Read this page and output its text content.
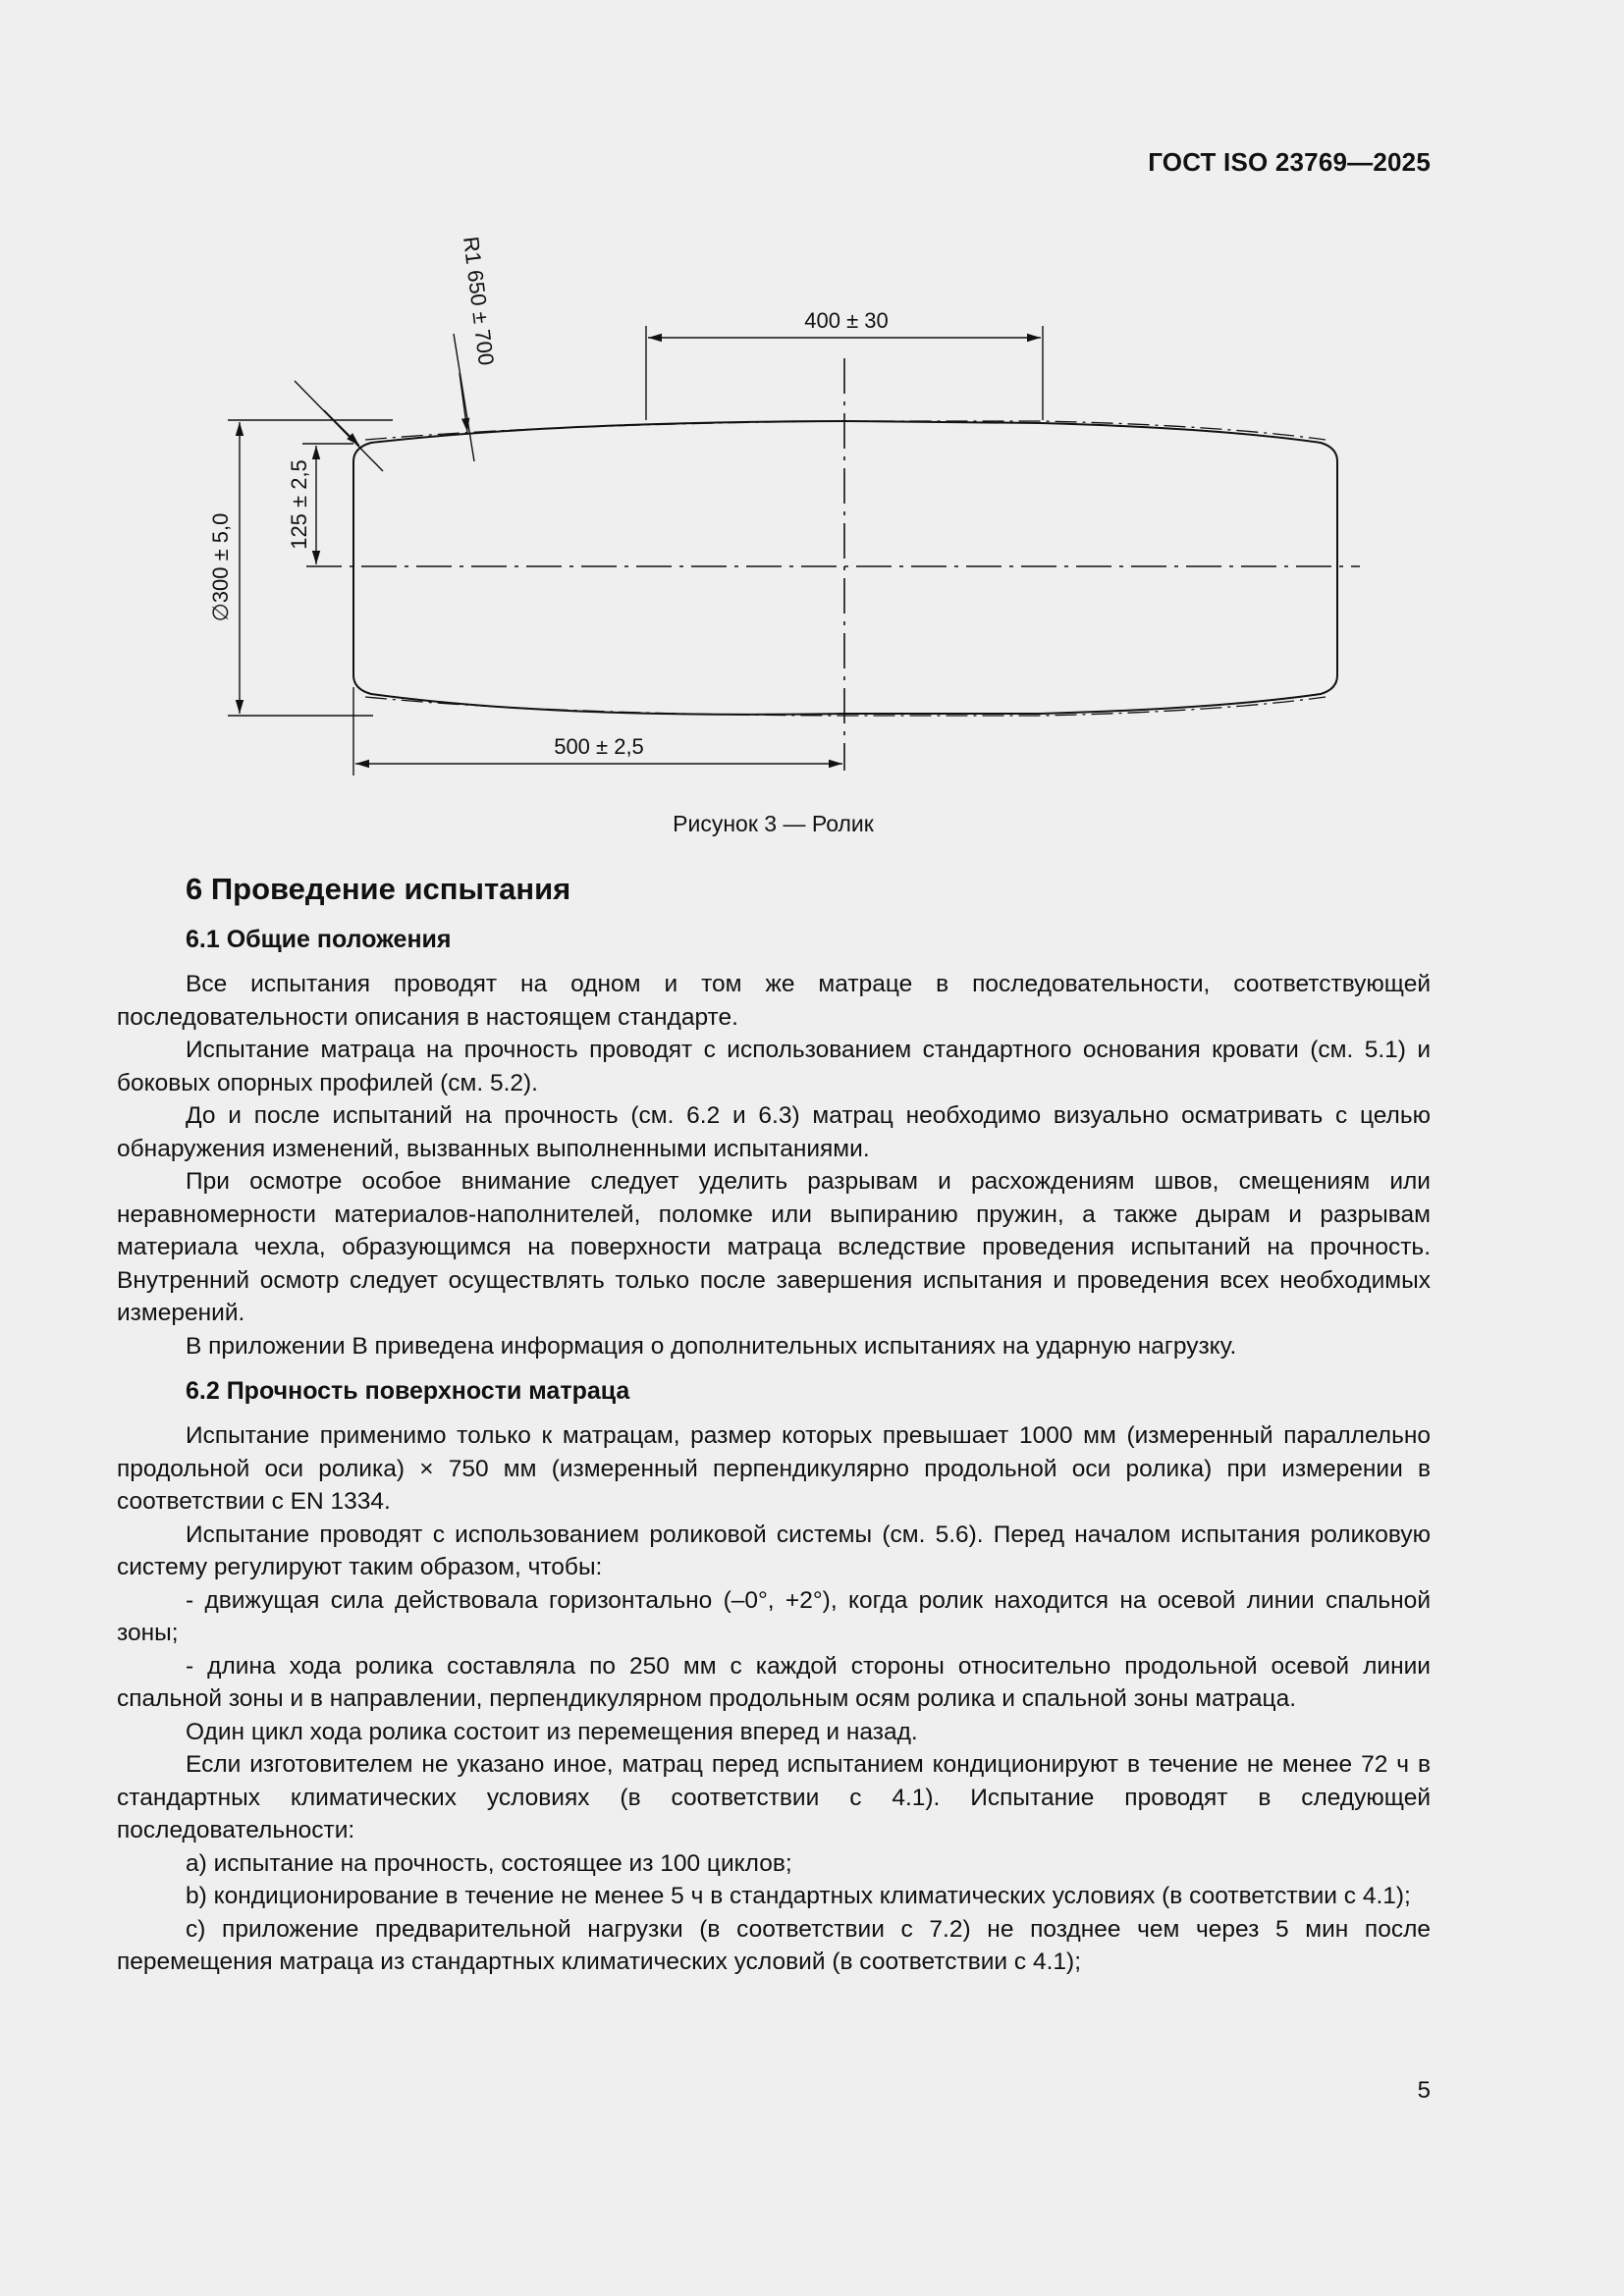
ГОСТ ISO 23769—2025
400 ± 30
500 ± 2,5
∅300 ± 5,0
125 ± 2,5
R1 650 ± 700
Рисунок 3 — Ролик
6 Проведение испытания
6.1 Общие положения

Все испытания проводят на одном и том же матраце в последовательности, соответствующей последовательности описания в настоящем стандарте.

Испытание матраца на прочность проводят с использованием стандартного основания кровати (см. 5.1) и боковых опорных профилей (см. 5.2).

До и после испытаний на прочность (см. 6.2 и 6.3) матрац необходимо визуально осматривать с целью обнаружения изменений, вызванных выполненными испытаниями.

При осмотре особое внимание следует уделить разрывам и расхождениям швов, смещениям или неравномерности материалов-наполнителей, поломке или выпиранию пружин, а также дырам и разрывам материала чехла, образующимся на поверхности матраца вследствие проведения испытаний на прочность. Внутренний осмотр следует осуществлять только после завершения испытания и проведения всех необходимых измерений.

В приложении В приведена информация о дополнительных испытаниях на ударную нагрузку.

6.2 Прочность поверхности матраца

Испытание применимо только к матрацам, размер которых превышает 1000 мм (измеренный параллельно продольной оси ролика) × 750 мм (измеренный перпендикулярно продольной оси ролика) при измерении в соответствии с EN 1334.

Испытание проводят с использованием роликовой системы (см. 5.6). Перед началом испытания роликовую систему регулируют таким образом, чтобы:

- движущая сила действовала горизонтально (–0°, +2°), когда ролик находится на осевой линии спальной зоны;

- длина хода ролика составляла по 250 мм с каждой стороны относительно продольной осевой линии спальной зоны и в направлении, перпендикулярном продольным осям ролика и спальной зоны матраца.

Один цикл хода ролика состоит из перемещения вперед и назад.

Если изготовителем не указано иное, матрац перед испытанием кондиционируют в течение не менее 72 ч в стандартных климатических условиях (в соответствии с 4.1). Испытание проводят в следующей последовательности:

а) испытание на прочность, состоящее из 100 циклов;

b) кондиционирование в течение не менее 5 ч в стандартных климатических условиях (в соответствии с 4.1);

с) приложение предварительной нагрузки (в соответствии с 7.2) не позднее чем через 5 мин после перемещения матраца из стандартных климатических условий (в соответствии с 4.1);

5
